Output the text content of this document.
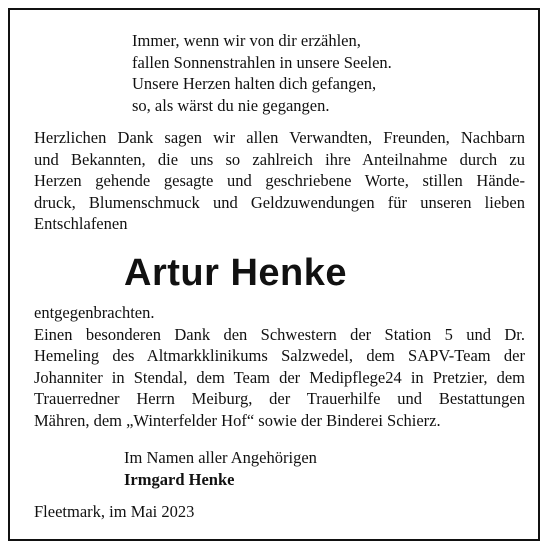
Immer, wenn wir von dir erzählen,
fallen Sonnenstrahlen in unsere Seelen.
Unsere Herzen halten dich gefangen,
so, als wärst du nie gegangen.
Herzlichen Dank sagen wir allen Verwandten, Freunden, Nachbarn
und Bekannten, die uns so zahlreich ihre Anteilnahme durch zu
Herzen gehende gesagte und geschriebene Worte, stillen Hände-
druck, Blumenschmuck und Geldzuwendungen für unseren lieben
Entschlafenen
Artur Henke
entgegenbrachten.
Einen besonderen Dank den Schwestern der Station 5 und Dr.
Hemeling des Altmarkklinikums Salzwedel, dem SAPV-Team der
Johanniter in Stendal, dem Team der Medipflege24 in Pretzier, dem
Trauerredner Herrn Meiburg, der Trauerhilfe und Bestattungen
Mähren, dem „Winterfelder Hof“ sowie der Binderei Schierz.
Im Namen aller Angehörigen
Irmgard Henke
Fleetmark, im Mai 2023
